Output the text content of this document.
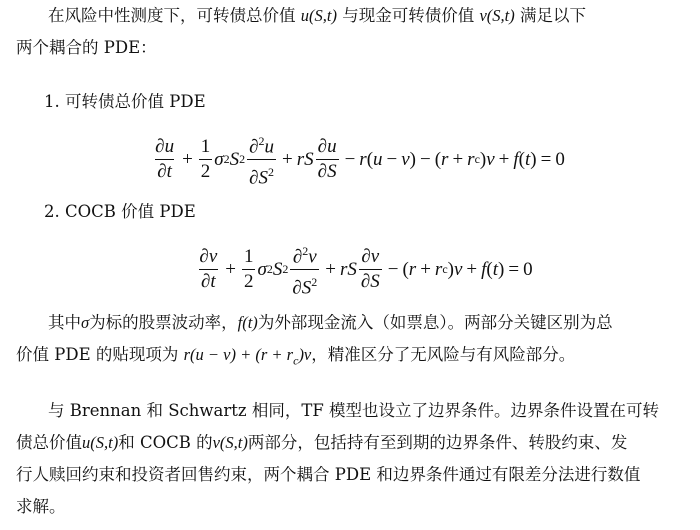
在风险中性测度下，可转债总价值 u(S,t) 与现金可转债价值 v(S,t) 满足以下
两个耦合的 PDE：
1. 可转债总价值 PDE
$\frac{\partial u}{\partial t} + \frac{1}{2}$ σ 2 S $2 \frac{\partial^2u}{\partial S^2}$ + rS $\frac{\partial u}{\partial S} - r$ ( u − v ) − ( r + r c ) v + f ( t ) = 0
2. COCB 价值 PDE
$\frac{\partial v}{\partial t} + \frac{1}{2}$ σ 2 S $2 \frac{\partial^2v}{\partial S^2}$ + rS $\frac{\partial v}{\partial S}$ − ( r + r c ) v + f ( t ) = 0
其中σ为标的股票波动率，f(t)为外部现金流入（如票息）。两部分关键区别为总
价值 PDE 的贴现项为 $r(u - v) + (r + r_c)v$，精准区分了无风险与有风险部分。
与 Brennan 和 Schwartz 相同，TF 模型也设立了边界条件。边界条件设置在可转
债总价值u(S,t)和 COCB 的v(S,t)两部分，包括持有至到期的边界条件、转股约束、发
行人赎回约束和投资者回售约束，两个耦合 PDE 和边界条件通过有限差分法进行数值
求解。
